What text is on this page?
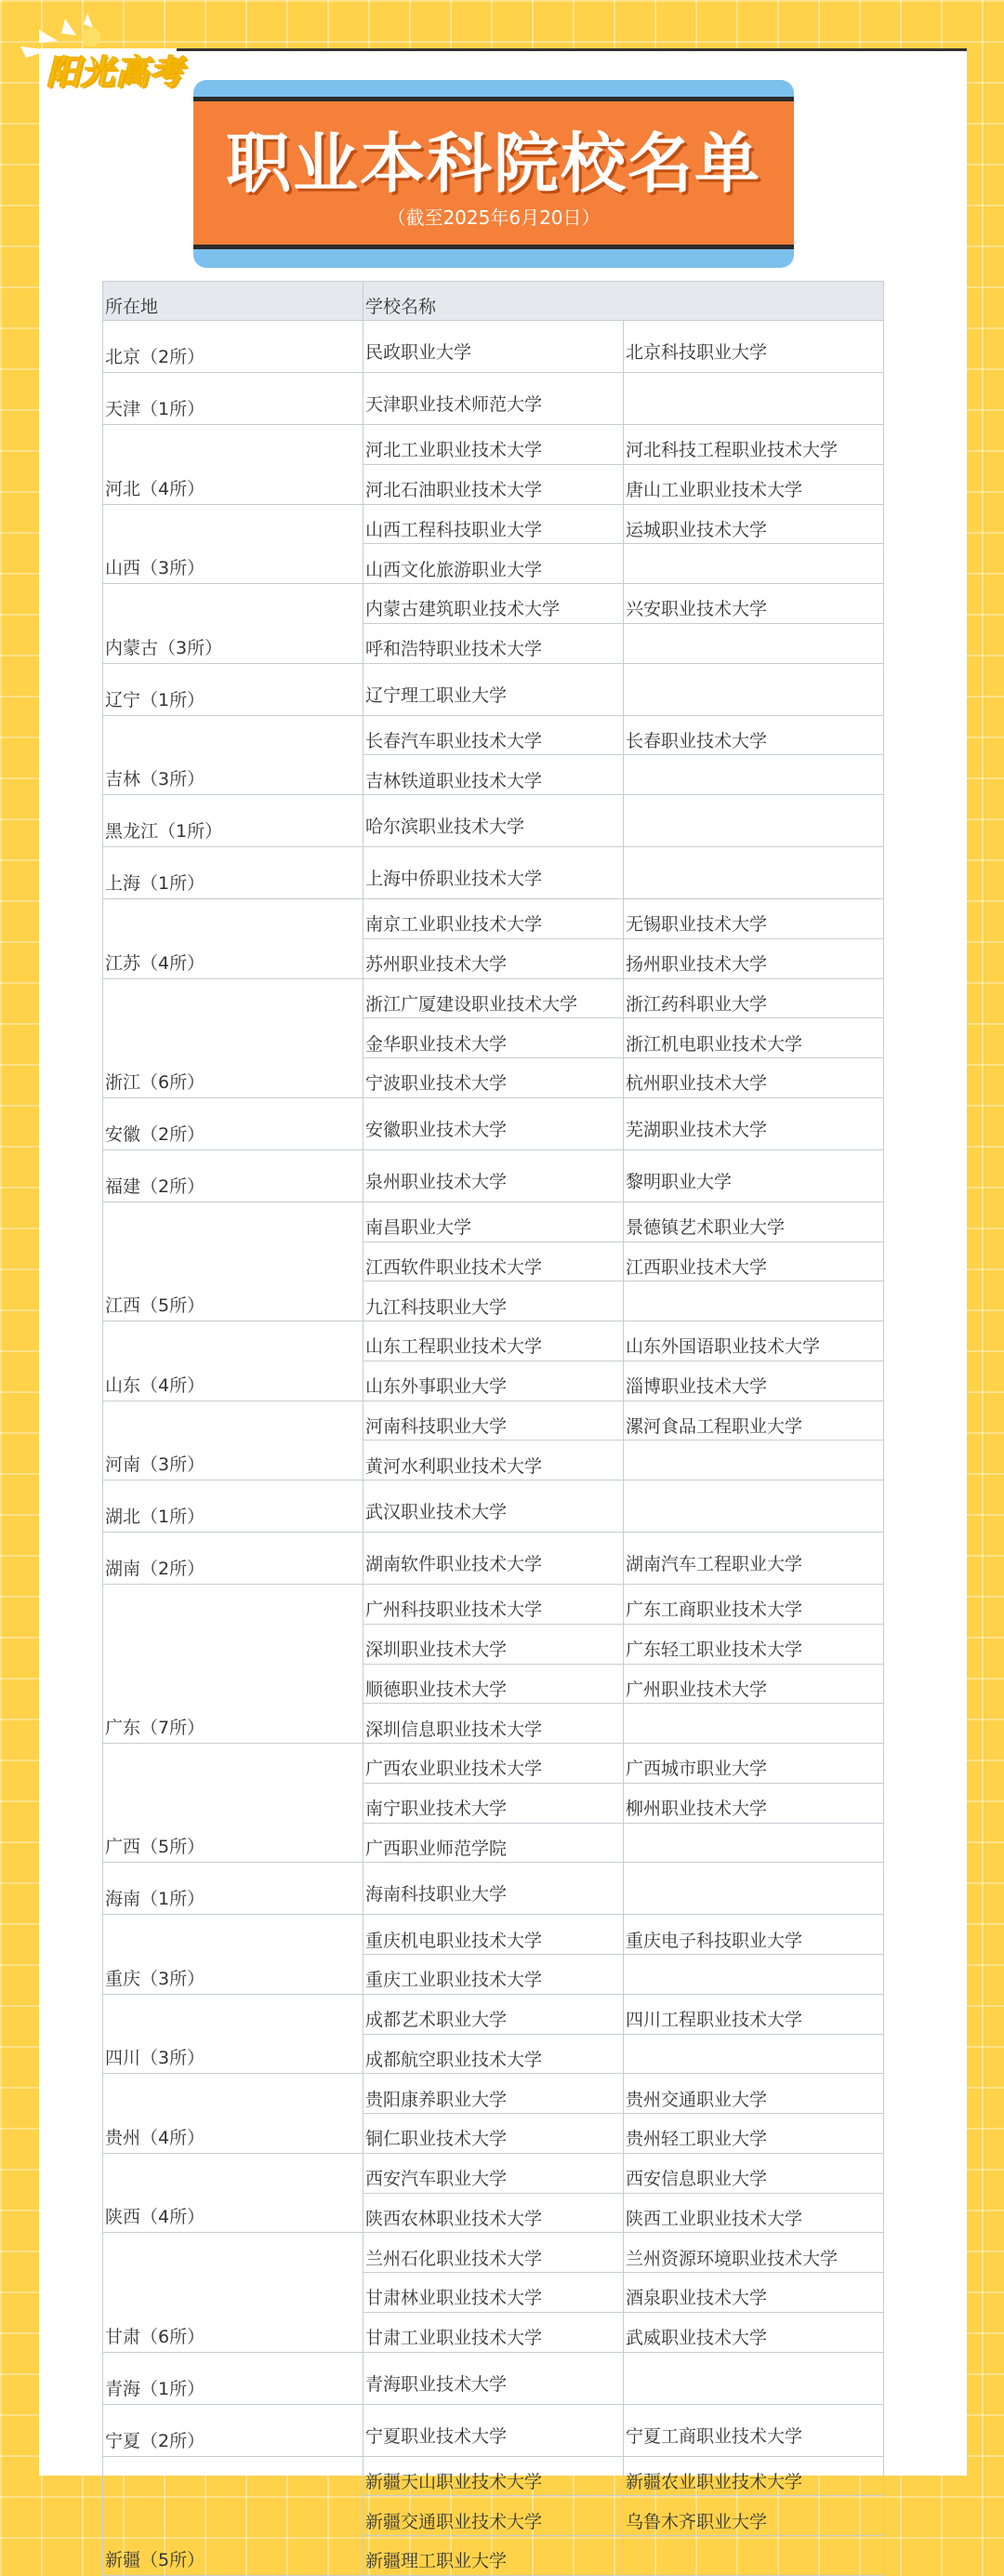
阳光高考
职业本科院校名单
（截至2025年6月20日）
所在地	学校名称	
北京（2所）	民政职业大学	北京科技职业大学
天津（1所）	天津职业技术师范大学	
河北（4所）	河北工业职业技术大学	河北科技工程职业技术大学
	河北石油职业技术大学	唐山工业职业技术大学
山西（3所）	山西工程科技职业大学	运城职业技术大学
	山西文化旅游职业大学	
内蒙古（3所）	内蒙古建筑职业技术大学	兴安职业技术大学
	呼和浩特职业技术大学	
辽宁（1所）	辽宁理工职业大学	
吉林（3所）	长春汽车职业技术大学	长春职业技术大学
	吉林铁道职业技术大学	
黑龙江（1所）	哈尔滨职业技术大学	
上海（1所）	上海中侨职业技术大学	
江苏（4所）	南京工业职业技术大学	无锡职业技术大学
	苏州职业技术大学	扬州职业技术大学
浙江（6所）	浙江广厦建设职业技术大学	浙江药科职业大学
	金华职业技术大学	浙江机电职业技术大学
	宁波职业技术大学	杭州职业技术大学
安徽（2所）	安徽职业技术大学	芜湖职业技术大学
福建（2所）	泉州职业技术大学	黎明职业大学
江西（5所）	南昌职业大学	景德镇艺术职业大学
	江西软件职业技术大学	江西职业技术大学
	九江科技职业大学	
山东（4所）	山东工程职业技术大学	山东外国语职业技术大学
	山东外事职业大学	淄博职业技术大学
河南（3所）	河南科技职业大学	漯河食品工程职业大学
	黄河水利职业技术大学	
湖北（1所）	武汉职业技术大学	
湖南（2所）	湖南软件职业技术大学	湖南汽车工程职业大学
广东（7所）	广州科技职业技术大学	广东工商职业技术大学
	深圳职业技术大学	广东轻工职业技术大学
	顺德职业技术大学	广州职业技术大学
	深圳信息职业技术大学	
广西（5所）	广西农业职业技术大学	广西城市职业大学
	南宁职业技术大学	柳州职业技术大学
	广西职业师范学院	
海南（1所）	海南科技职业大学	
重庆（3所）	重庆机电职业技术大学	重庆电子科技职业大学
	重庆工业职业技术大学	
四川（3所）	成都艺术职业大学	四川工程职业技术大学
	成都航空职业技术大学	
贵州（4所）	贵阳康养职业大学	贵州交通职业大学
	铜仁职业技术大学	贵州轻工职业大学
陕西（4所）	西安汽车职业大学	西安信息职业大学
	陕西农林职业技术大学	陕西工业职业技术大学
甘肃（6所）	兰州石化职业技术大学	兰州资源环境职业技术大学
	甘肃林业职业技术大学	酒泉职业技术大学
	甘肃工业职业技术大学	武威职业技术大学
青海（1所）	青海职业技术大学	
宁夏（2所）	宁夏职业技术大学	宁夏工商职业技术大学
新疆（5所）	新疆天山职业技术大学	新疆农业职业技术大学
	新疆交通职业技术大学	乌鲁木齐职业大学
	新疆理工职业大学	
